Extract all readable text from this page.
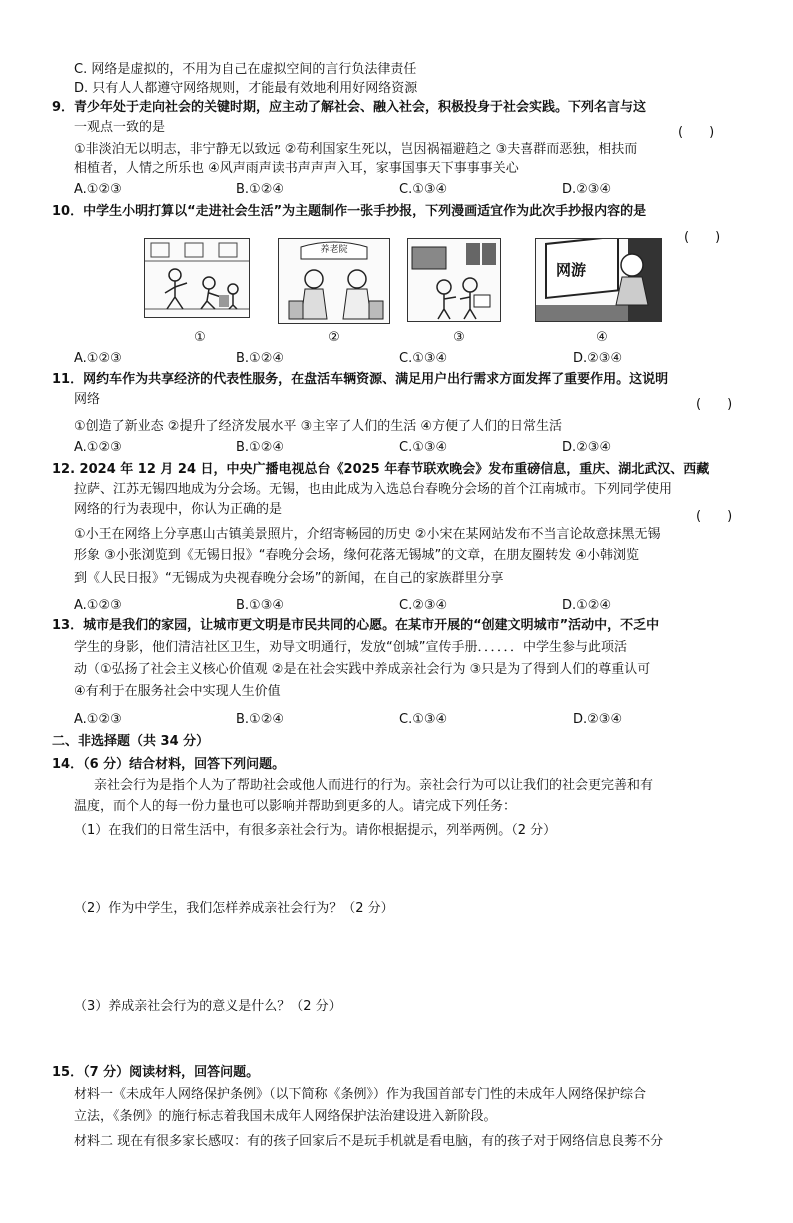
C. 网络是虚拟的，不用为自己在虚拟空间的言行负法律责任
D. 只有人人都遵守网络规则，才能最有效地利用好网络资源
9．青少年处于走向社会的关键时期，应主动了解社会、融入社会，积极投身于社会实践。下列名言与这
一观点一致的是	(　　)
①非淡泊无以明志，非宁静无以致远 ②苟利国家生死以，岂因祸福避趋之 ③夫喜群而恶独，相扶而
相植者，人情之所乐也 ④风声雨声读书声声声入耳，家事国事天下事事事关心
A.①②③	B.①②④	C.①③④	D.②③④
10．中学生小明打算以“走进社会生活”为主题制作一张手抄报，下列漫画适宜作为此次手抄报内容的是
(　　)
养老院
网游
①	②	③	④
A.①②③	B.①②④	C.①③④	D.②③④
11．网约车作为共享经济的代表性服务，在盘活车辆资源、满足用户出行需求方面发挥了重要作用。这说明
网络	(　　)
①创造了新业态 ②提升了经济发展水平 ③主宰了人们的生活 ④方便了人们的日常生活
A.①②③	B.①②④	C.①③④	D.②③④
12. 2024 年 12 月 24 日，中央广播电视总台《2025 年春节联欢晚会》发布重磅信息，重庆、湖北武汉、西藏
拉萨、江苏无锡四地成为分会场。无锡，也由此成为入选总台春晚分会场的首个江南城市。下列同学使用
网络的行为表现中，你认为正确的是	(　　)
①小王在网络上分享惠山古镇美景照片，介绍寄畅园的历史 ②小宋在某网站发布不当言论故意抹黑无锡
形象 ③小张浏览到《无锡日报》“春晚分会场，缘何花落无锡城”的文章，在朋友圈转发 ④小韩浏览
到《人民日报》“无锡成为央视春晚分会场”的新闻，在自己的家族群里分享
A.①②③	B.①③④	C.②③④	D.①②④
13．城市是我们的家园，让城市更文明是市民共同的心愿。在某市开展的“创建文明城市”活动中，不乏中
学生的身影，他们清洁社区卫生，劝导文明通行，发放“创城”宣传手册．．．．．．中学生参与此项活
动（①弘扬了社会主义核心价值观 ②是在社会实践中养成亲社会行为 ③只是为了得到人们的尊重认可
④有利于在服务社会中实现人生价值
A.①②③	B.①②④	C.①③④	D.②③④
二、非选择题（共 34 分）
14．（6 分）结合材料，回答下列问题。
亲社会行为是指个人为了帮助社会或他人而进行的行为。亲社会行为可以让我们的社会更完善和有
温度，而个人的每一份力量也可以影响并帮助到更多的人。请完成下列任务：
（1）在我们的日常生活中，有很多亲社会行为。请你根据提示，列举两例。（2 分）
（2）作为中学生，我们怎样养成亲社会行为？（2 分）
（3）养成亲社会行为的意义是什么？（2 分）
15．（7 分）阅读材料，回答问题。
材料一《未成年人网络保护条例》（以下简称《条例》）作为我国首部专门性的未成年人网络保护综合
立法，《条例》的施行标志着我国未成年人网络保护法治建设进入新阶段。
材料二 现在有很多家长感叹：有的孩子回家后不是玩手机就是看电脑，有的孩子对于网络信息良莠不分
